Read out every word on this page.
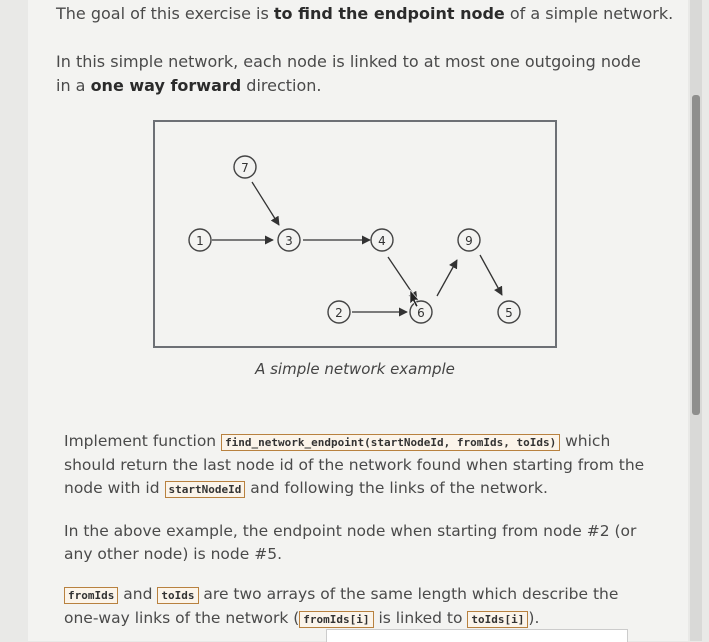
The goal of this exercise is to find the endpoint node of a simple network.
In this simple network, each node is linked to at most one outgoing node in a one way forward direction.
1
7
3	4	9
2	6	5
A simple network example
Implement function find_network_endpoint(startNodeId, fromIds, toIds) which should return the last node id of the network found when starting from the node with id startNodeId and following the links of the network.
In the above example, the endpoint node when starting from node #2 (or any other node) is node #5.
fromIds and toIds are two arrays of the same length which describe the one-way links of the network ( fromIds[i] is linked to toIds[i] ).
